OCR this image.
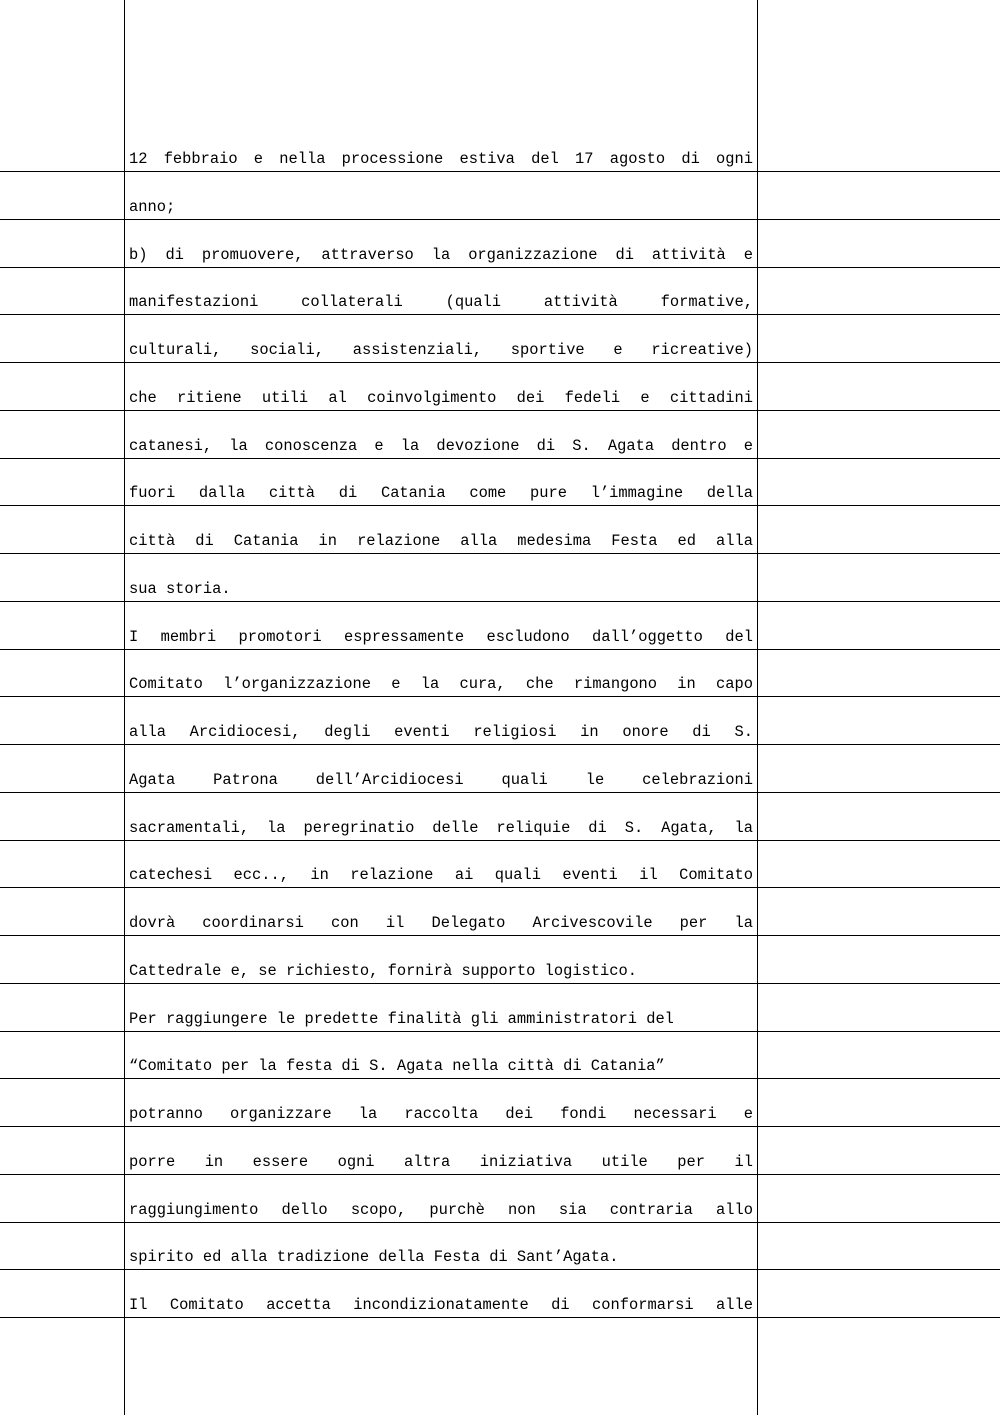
12 febbraio e nella processione estiva del 17 agosto di ogni
anno;
b) di promuovere, attraverso la organizzazione di attività e
manifestazioni collaterali (quali attività formative,
culturali, sociali, assistenziali, sportive e ricreative)
che ritiene utili al coinvolgimento dei fedeli e cittadini
catanesi, la conoscenza e la devozione di S. Agata dentro e
fuori dalla città di Catania come pure l’immagine della
città di Catania in relazione alla medesima Festa ed alla
sua storia.
I membri promotori espressamente escludono dall’oggetto del
Comitato l’organizzazione e la cura, che rimangono in capo
alla Arcidiocesi, degli eventi religiosi in onore di S.
Agata Patrona dell’Arcidiocesi quali le celebrazioni
sacramentali, la peregrinatio delle reliquie di S. Agata, la
catechesi ecc.., in relazione ai quali eventi il Comitato
dovrà coordinarsi con il Delegato Arcivescovile per la
Cattedrale e, se richiesto, fornirà supporto logistico.
Per raggiungere le predette finalità gli amministratori del
“Comitato per la festa di S. Agata nella città di Catania”
potranno organizzare la raccolta dei fondi necessari e
porre in essere ogni altra iniziativa utile per il
raggiungimento dello scopo, purchè non sia contraria allo
spirito ed alla tradizione della Festa di Sant’Agata.
Il Comitato accetta incondizionatamente di conformarsi alle
